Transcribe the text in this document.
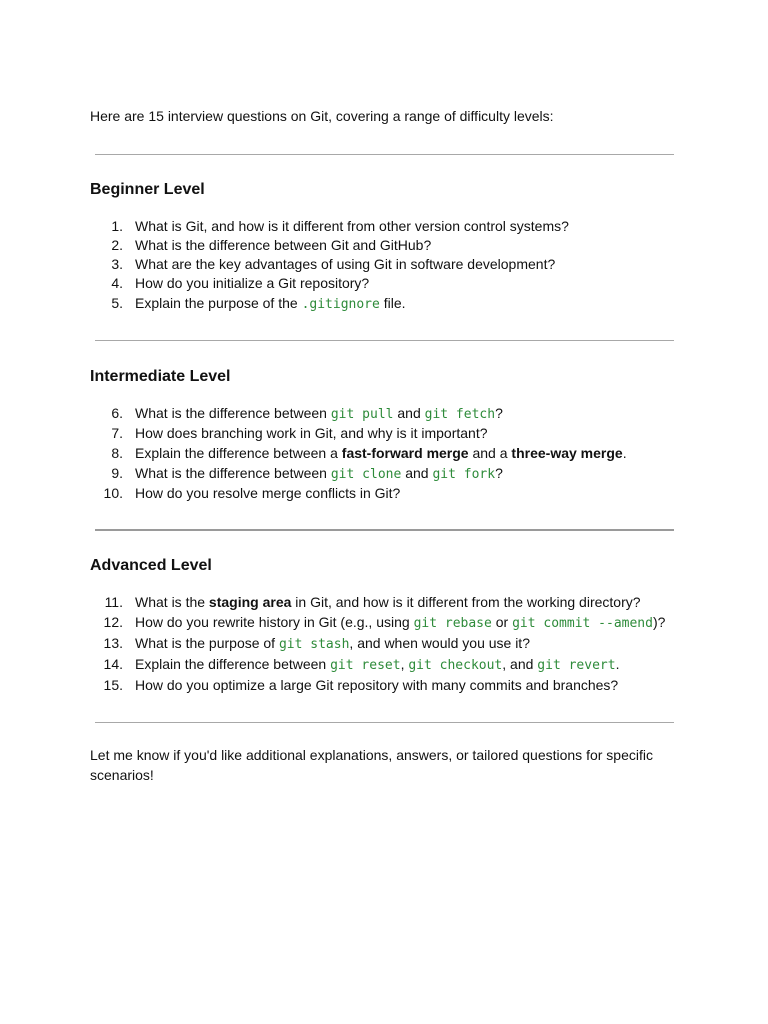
Here are 15 interview questions on Git, covering a range of difficulty levels:
Beginner Level
1. What is Git, and how is it different from other version control systems?
2. What is the difference between Git and GitHub?
3. What are the key advantages of using Git in software development?
4. How do you initialize a Git repository?
5. Explain the purpose of the .gitignore file.
Intermediate Level
6. What is the difference between git pull and git fetch?
7. How does branching work in Git, and why is it important?
8. Explain the difference between a fast-forward merge and a three-way merge.
9. What is the difference between git clone and git fork?
10. How do you resolve merge conflicts in Git?
Advanced Level
11. What is the staging area in Git, and how is it different from the working directory?
12. How do you rewrite history in Git (e.g., using git rebase or git commit --amend)?
13. What is the purpose of git stash, and when would you use it?
14. Explain the difference between git reset, git checkout, and git revert.
15. How do you optimize a large Git repository with many commits and branches?
Let me know if you'd like additional explanations, answers, or tailored questions for specific scenarios!
